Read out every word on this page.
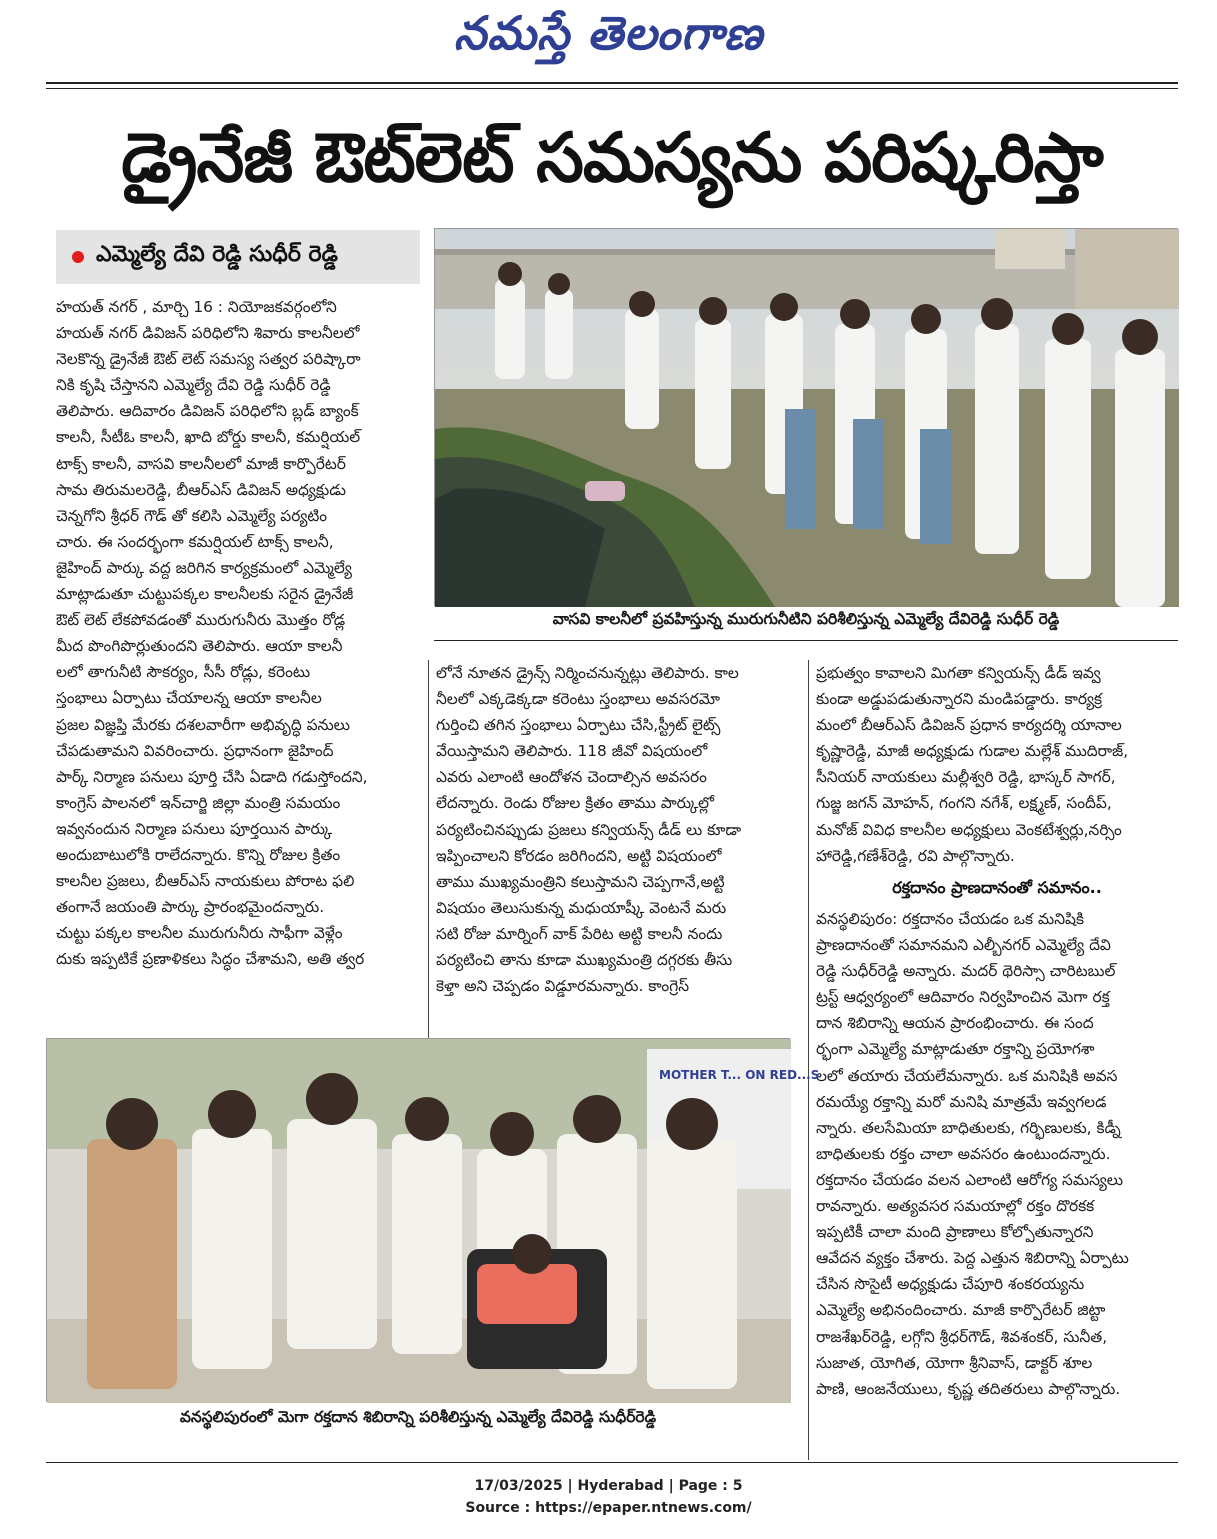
నమస్తే తెలంగాణ
డ్రైనేజీ ఔట్‌లెట్ సమస్యను పరిష్కరిస్తా
ఎమ్మెల్యే దేవి రెడ్డి సుధీర్ రెడ్డి
హయత్ నగర్ , మార్చి 16 : నియోజకవర్గంలోని
హయత్ నగర్ డివిజన్ పరిధిలోని శివారు కాలనీలలో
నెలకొన్న డ్రైనేజీ ఔట్ లెట్ సమస్య సత్వర పరిష్కారా
నికి కృషి చేస్తానని ఎమ్మెల్యే దేవి రెడ్డి సుధీర్ రెడ్డి
తెలిపారు. ఆదివారం డివిజన్ పరిధిలోని బ్లడ్ బ్యాంక్
కాలనీ, సీటీఓ కాలనీ, ఖాది బోర్డు కాలనీ, కమర్షియల్
టాక్స్ కాలనీ, వాసవి కాలనీలలో మాజీ కార్పొరేటర్
సామ తిరుమలరెడ్డి, బీఆర్ఎస్ డివిజన్ అధ్యక్షుడు
చెన్నగోని శ్రీధర్ గౌడ్ తో కలిసి ఎమ్మెల్యే పర్యటిం
చారు. ఈ సందర్భంగా కమర్షియల్ టాక్స్ కాలనీ,
జైహింద్ పార్కు వద్ద జరిగిన కార్యక్రమంలో ఎమ్మెల్యే
మాట్లాడుతూ చుట్టుపక్కల కాలనీలకు సరైన డ్రైనేజీ
ఔట్ లెట్ లేకపోవడంతో మురుగునీరు మొత్తం రోడ్ల
మీద పొంగిపొర్లుతుందని తెలిపారు. ఆయా కాలనీ
లలో తాగునీటి సౌకర్యం, సీసీ రోడ్లు, కరెంటు
స్తంభాలు ఏర్పాటు చేయాలన్న ఆయా కాలనీల
ప్రజల విజ్ఞప్తి మేరకు దశలవారీగా అభివృద్ధి పనులు
చేపడుతామని వివరించారు. ప్రధానంగా జైహింద్
పార్క్ నిర్మాణ పనులు పూర్తి చేసి ఏడాది గడుస్తోందని,
కాంగ్రెస్ పాలనలో ఇన్‌చార్జి జిల్లా మంత్రి సమయం
ఇవ్వనందున నిర్మాణ పనులు పూర్తయిన పార్కు
అందుబాటులోకి రాలేదన్నారు. కొన్ని రోజుల క్రితం
కాలనీల ప్రజలు, బీఆర్ఎస్ నాయకులు పోరాట ఫలి
తంగానే జయంతి పార్కు ప్రారంభమైందన్నారు.
చుట్టు పక్కల కాలనీల మురుగునీరు సాఫీగా వెళ్లేం
దుకు ఇప్పటికే ప్రణాళికలు సిద్ధం చేశామని, అతి త్వర
వాసవి కాలనీలో ప్రవహిస్తున్న మురుగునీటిని పరిశీలిస్తున్న ఎమ్మెల్యే దేవిరెడ్డి సుధీర్ రెడ్డి
లోనే నూతన డ్రైన్స్ నిర్మించనున్నట్లు తెలిపారు. కాల
నీలలో ఎక్కడెక్కడా కరెంటు స్తంభాలు అవసరమో
గుర్తించి తగిన స్తంభాలు ఏర్పాటు చేసి,స్ట్రీట్ లైట్స్
వేయిస్తామని తెలిపారు. 118 జీవో విషయంలో
ఎవరు ఎలాంటి ఆందోళన చెందాల్సిన అవసరం
లేదన్నారు. రెండు రోజుల క్రితం తాము పార్కుల్లో
పర్యటించినప్పుడు ప్రజలు కన్వియన్స్ డీడ్ లు కూడా
ఇప్పించాలని కోరడం జరిగిందని, అట్టి విషయంలో
తాము ముఖ్యమంత్రిని కలుస్తామని చెప్పగానే,అట్టి
విషయం తెలుసుకున్న మధుయాష్కీ వెంటనే మరు
సటి రోజు మార్నింగ్ వాక్ పేరిట అట్టి కాలనీ నందు
పర్యటించి తాను కూడా ముఖ్యమంత్రి దగ్గరకు తీసు
కెళ్తా అని చెప్పడం విడ్డూరమన్నారు. కాంగ్రెస్
ప్రభుత్వం కావాలని మిగతా కన్వియన్స్ డీడ్ ఇవ్వ
కుండా అడ్డుపడుతున్నారని మండిపడ్డారు. కార్యక్ర
మంలో బీఆర్ఎస్ డివిజన్ ప్రధాన కార్యదర్శి యానాల
కృష్ణారెడ్డి, మాజీ అధ్యక్షుడు గుడాల మల్లేశ్ ముదిరాజ్,
సీనియర్ నాయకులు మల్లీశ్వరి రెడ్డి, భాస్కర్ సాగర్,
గుజ్జ జగన్ మోహన్, గంగని నగేశ్, లక్ష్మణ్, సందీప్,
మనోజ్ వివిధ కాలనీల అధ్యక్షులు వెంకటేశ్వర్లు,నర్సిం
హారెడ్డి,గణేశ్‌రెడ్డి, రవి పాల్గొన్నారు.
రక్తదానం ప్రాణదానంతో సమానం..
వనస్థలిపురం: రక్తదానం చేయడం ఒక మనిషికి
ప్రాణదానంతో సమానమని ఎల్బీనగర్ ఎమ్మెల్యే దేవి
రెడ్డి సుధీర్‌రెడ్డి అన్నారు. మదర్ థెరిస్సా చారిటబుల్
ట్రస్ట్ ఆధ్వర్యంలో ఆదివారం నిర్వహించిన మెగా రక్త
దాన శిబిరాన్ని ఆయన ప్రారంభించారు. ఈ సంద
ర్భంగా ఎమ్మెల్యే మాట్లాడుతూ రక్తాన్ని ప్రయోగశా
లలో తయారు చేయలేమన్నారు. ఒక మనిషికి అవస
రమయ్యే రక్తాన్ని మరో మనిషి మాత్రమే ఇవ్వగలడ
న్నారు. తలసేమియా బాధితులకు, గర్భిణులకు, కిడ్నీ
బాధితులకు రక్తం చాలా అవసరం ఉంటుందన్నారు.
రక్తదానం చేయడం వలన ఎలాంటి ఆరోగ్య సమస్యలు
రావన్నారు. అత్యవసర సమయాల్లో రక్తం దొరకక
ఇప్పటికీ చాలా మంది ప్రాణాలు కోల్పోతున్నారని
ఆవేదన వ్యక్తం చేశారు. పెద్ద ఎత్తున శిబిరాన్ని ఏర్పాటు
చేసిన సొసైటీ అధ్యక్షుడు చేపూరి శంకరయ్యను
ఎమ్మెల్యే అభినందించారు. మాజీ కార్పొరేటర్ జిట్టా
రాజశేఖర్‌రెడ్డి, లగ్గోని శ్రీధర్‌గౌడ్, శివశంకర్, సునీత,
సుజాత, యోగిత, యోగా శ్రీనివాస్, డాక్టర్ శూల
పాణి, ఆంజనేయులు, కృష్ణ తదితరులు పాల్గొన్నారు.
MOTHER T... ON RED...S
వనస్థలిపురంలో మెగా రక్తదాన శిబిరాన్ని పరిశీలిస్తున్న ఎమ్మెల్యే దేవిరెడ్డి సుధీర్‌రెడ్డి
17/03/2025 | Hyderabad | Page : 5
Source : https://epaper.ntnews.com/
